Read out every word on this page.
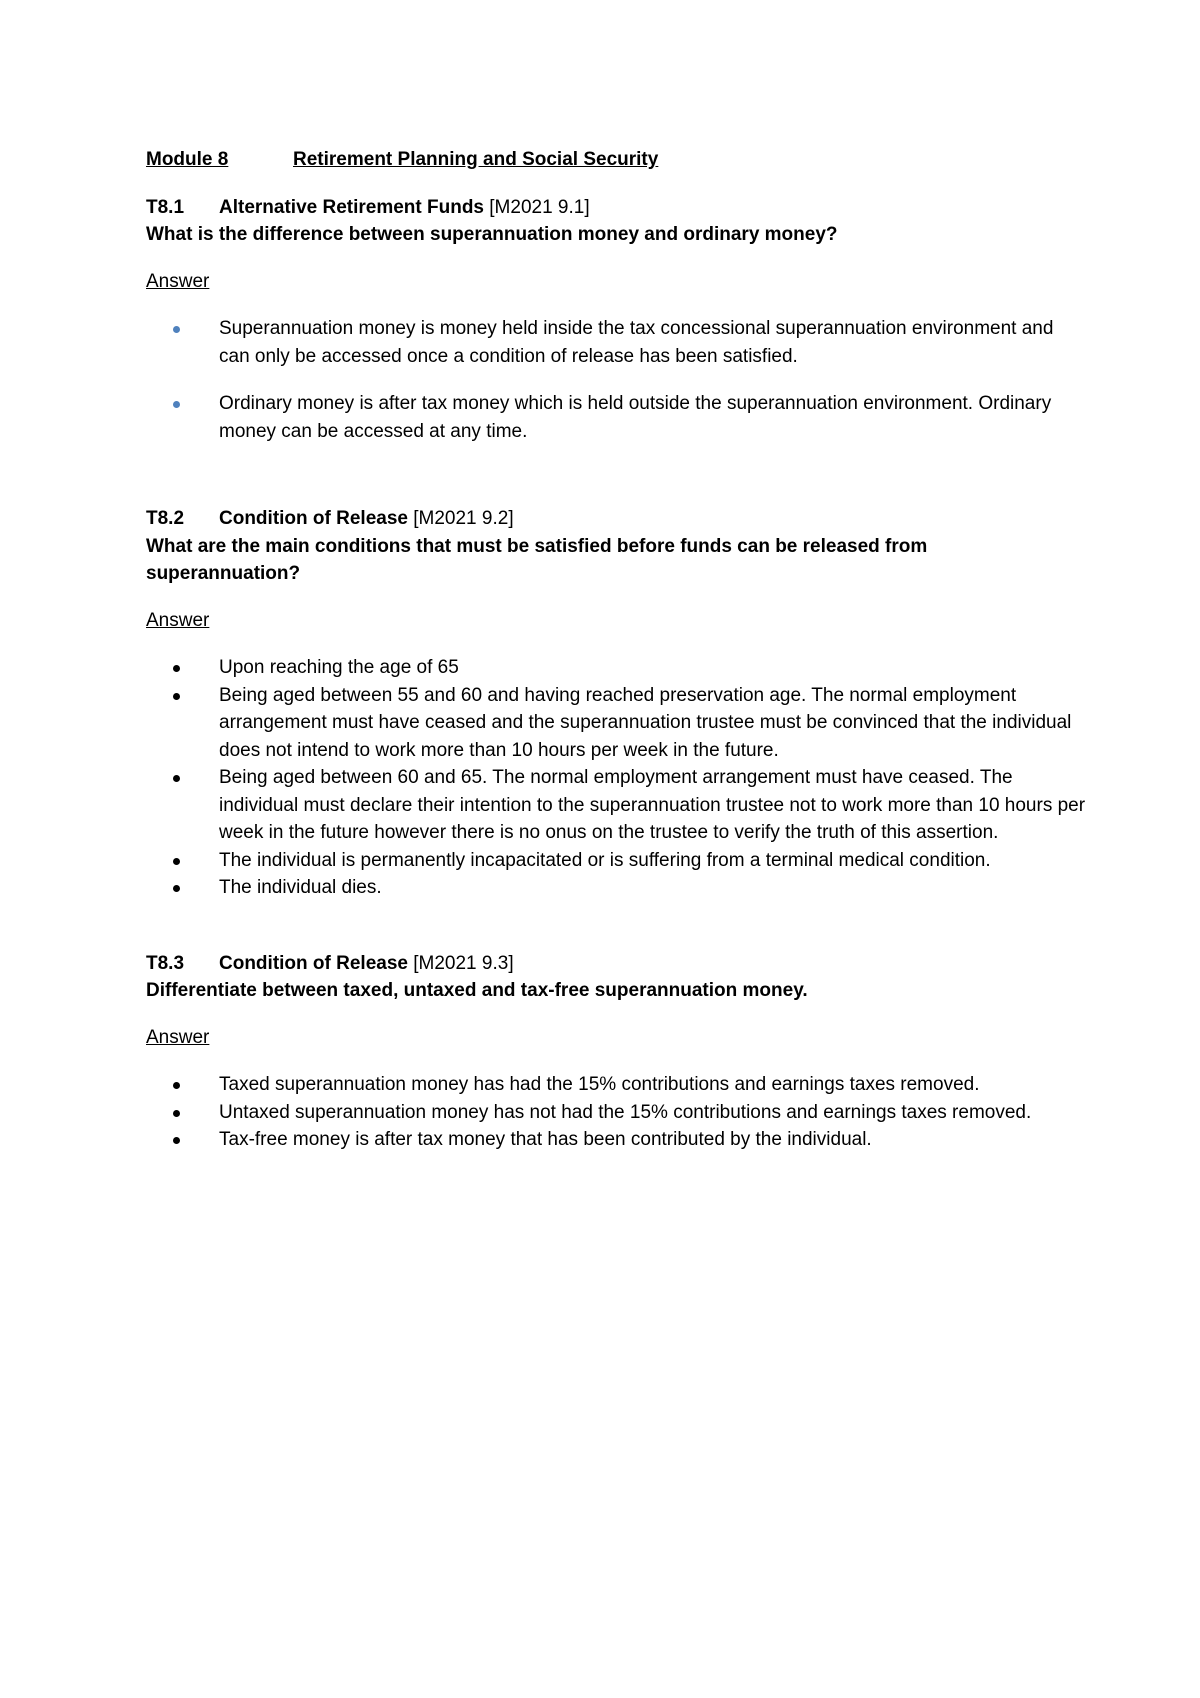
Module 8	Retirement Planning and Social Security
T8.1	Alternative Retirement Funds [M2021 9.1]

What is the difference between superannuation money and ordinary money?

Answer
Superannuation money is money held inside the tax concessional superannuation environment and can only be accessed once a condition of release has been satisfied.
Ordinary money is after tax money which is held outside the superannuation environment. Ordinary money can be accessed at any time.
T8.2	Condition of Release [M2021 9.2]

What are the main conditions that must be satisfied before funds can be released from superannuation?

Answer
Upon reaching the age of 65
Being aged between 55 and 60 and having reached preservation age. The normal employment arrangement must have ceased and the superannuation trustee must be convinced that the individual does not intend to work more than 10 hours per week in the future.
Being aged between 60 and 65. The normal employment arrangement must have ceased. The individual must declare their intention to the superannuation trustee not to work more than 10 hours per week in the future however there is no onus on the trustee to verify the truth of this assertion.
The individual is permanently incapacitated or is suffering from a terminal medical condition.
The individual dies.
T8.3	Condition of Release [M2021 9.3]

Differentiate between taxed, untaxed and tax-free superannuation money.

Answer
Taxed superannuation money has had the 15% contributions and earnings taxes removed.
Untaxed superannuation money has not had the 15% contributions and earnings taxes removed.
Tax-free money is after tax money that has been contributed by the individual.
